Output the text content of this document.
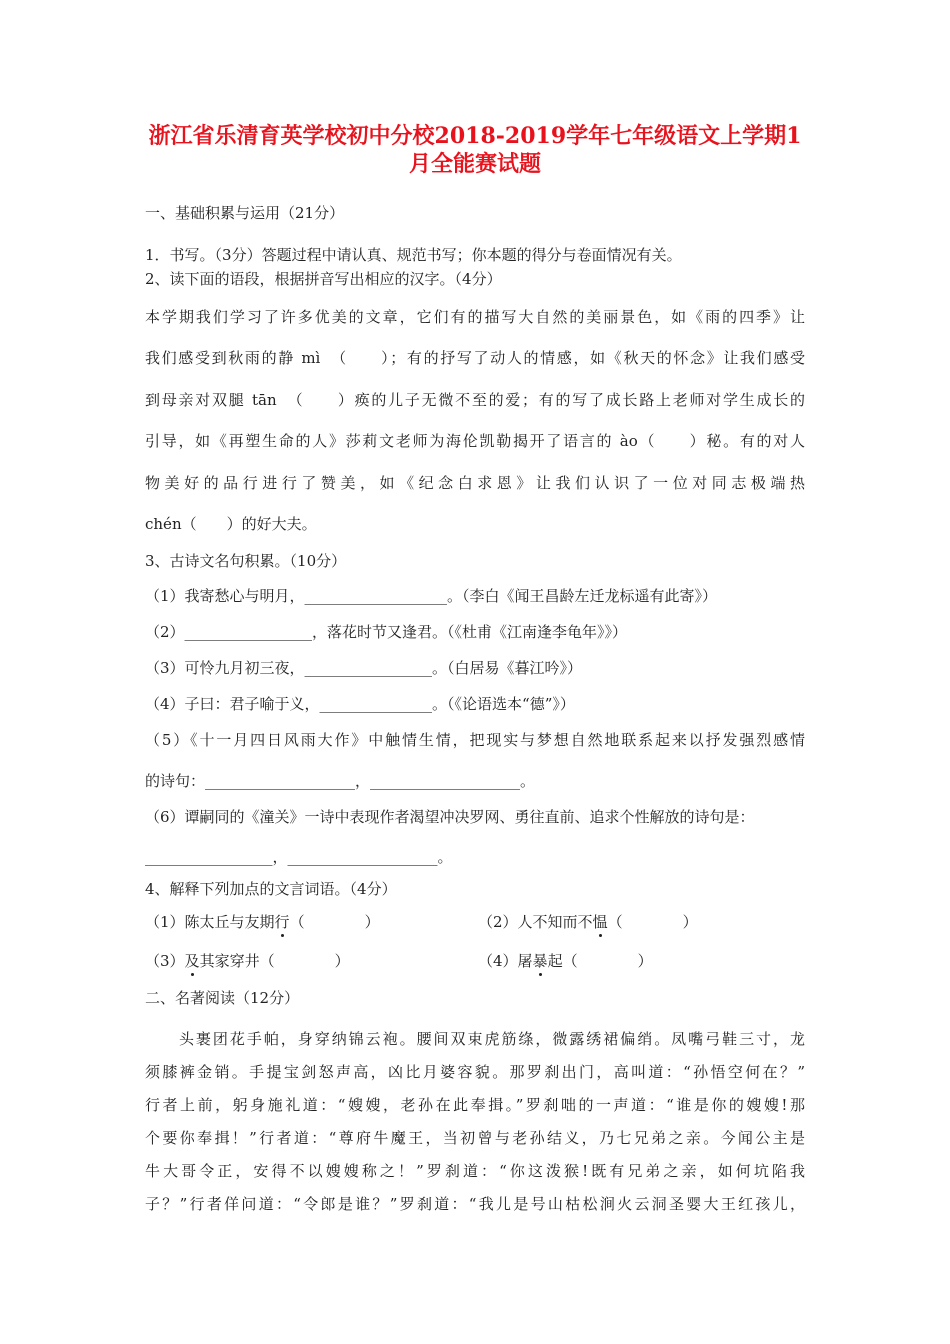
浙江省乐清育英学校初中分校2018-2019学年七年级语文上学期1
月全能赛试题
一、基础积累与运用（21分）
1．书写。（3分）答题过程中请认真、规范书写；你本题的得分与卷面情况有关。
2、读下面的语段，根据拼音写出相应的汉字。（4分）
本学期我们学习了许多优美的文章，它们有的描写大自然的美丽景色，如《雨的四季》让
我们感受到秋雨的静 mì　（　　）；有的抒写了动人的情感，如《秋天的怀念》让我们感受
到母亲对双腿 tān　（　　）痪的儿子无微不至的爱；有的写了成长路上老师对学生成长的
引导，如《再塑生命的人》莎莉文老师为海伦凯勒揭开了语言的 ào（　　）秘。有的对人
物美好的品行进行了赞美，如《纪念白求恩》让我们认识了一位对同志极端热
chén（　　）的好大夫。
3、古诗文名句积累。（10分）
（1）我寄愁心与明月，___________________。（李白《闻王昌龄左迁龙标遥有此寄》）
（2）_________________，落花时节又逢君。（《杜甫《江南逢李龟年》》）
（3）可怜九月初三夜，_________________。（白居易《暮江吟》）
（4）子曰：君子喻于义，_______________。（《论语选本“德”》）
（5）《十一月四日风雨大作》中触情生情，把现实与梦想自然地联系起来以抒发强烈感情
的诗句：____________________，____________________。
（6）谭嗣同的《潼关》一诗中表现作者渴望冲决罗网、勇往直前、追求个性解放的诗句是：
_________________，____________________。
4、解释下列加点的文言词语。（4分）
（1）陈太丘与友期行（　　　　）	（2）人不知而不愠（　　　　）
（3）及其家穿井（　　　　）	（4）屠暴起（　　　　）
二、名著阅读（12分）
　　头裹团花手帕，身穿纳锦云袍。腰间双束虎筋绦，微露绣裙偏绡。凤嘴弓鞋三寸，龙
须膝裤金销。手提宝剑怒声高，凶比月婆容貌。那罗刹出门，高叫道：“孙悟空何在？”
行者上前，躬身施礼道：“嫂嫂，老孙在此奉揖。”罗刹咄的一声道：“谁是你的嫂嫂!那
个要你奉揖！”行者道：“尊府牛魔王，当初曾与老孙结义，乃七兄弟之亲。今闻公主是
牛大哥令正，安得不以嫂嫂称之！”罗刹道：“你这泼猴!既有兄弟之亲，如何坑陷我
子？”行者佯问道：“令郎是谁？”罗刹道：“我儿是号山枯松涧火云洞圣婴大王红孩儿，
